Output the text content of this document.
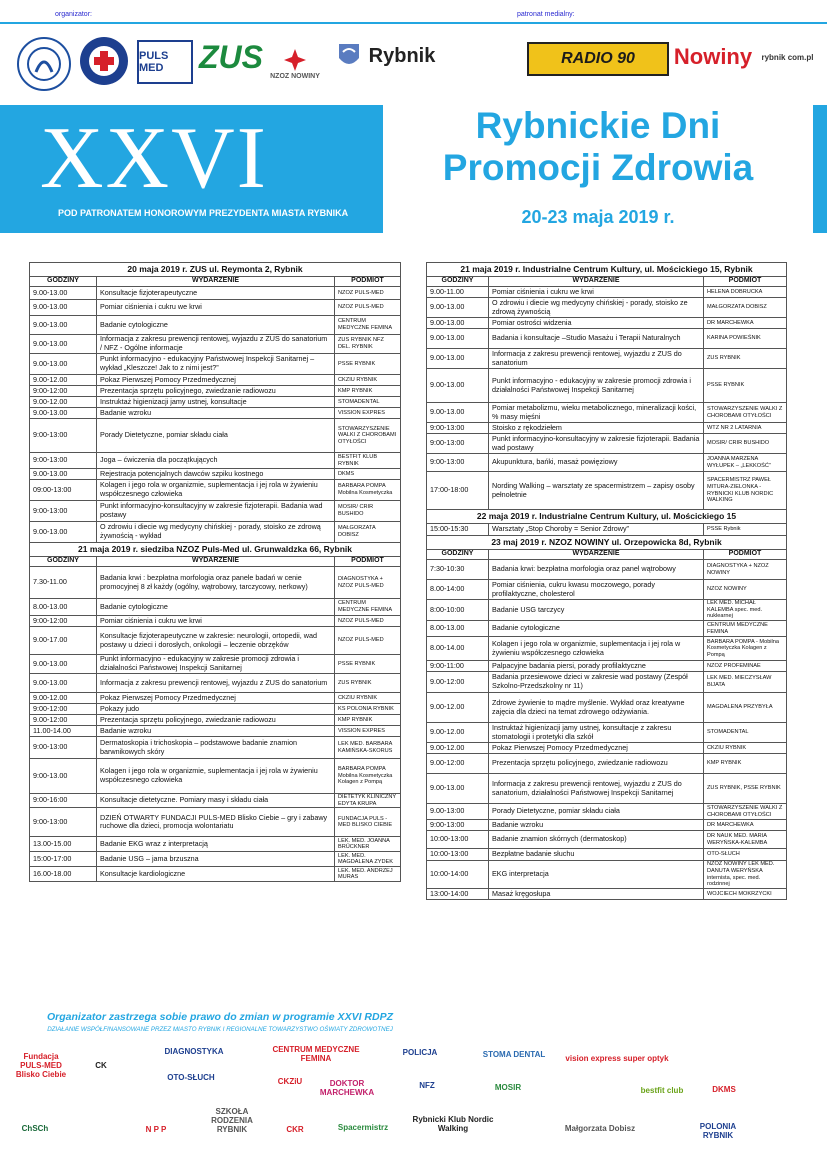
organizator:	patronat medialny:
PULS MED	ZUS
NZOZ NOWINY
Rybnik	RADIO 90	Nowiny rybnik com.pl
XXVI
POD PATRONATEM HONOROWYM PREZYDENTA MIASTA RYBNIKA
Rybnickie Dni
Promocji Zdrowia
20-23 maja 2019 r.
20 maja 2019 r. ZUS ul. Reymonta 2, Rybnik		
GODZINY	WYDARZENIE	PODMIOT
9.00-13.00	Konsultacje fizjoterapeutyczne	NZOZ PULS-MED
9.00-13.00	Pomiar ciśnienia i cukru we krwi	NZOZ PULS-MED
9.00-13.00	Badanie cytologiczne	CENTRUM MEDYCZNE FEMINA
9.00-13.00	Informacja z zakresu prewencji rentowej, wyjazdu z ZUS do sanatorium / NFZ - Ogólne informacje	ZUS RYBNIK NFZ DEL. RYBNIK
9.00-13.00	Punkt informacyjno - edukacyjny Państwowej Inspekcji Sanitarnej – wykład „Kleszcze! Jak to z nimi jest?”	PSSE RYBNIK
9.00-12.00	Pokaz Pierwszej Pomocy Przedmedycznej	CKZIU RYBNIK
9:00-12:00	Prezentacja sprzętu policyjnego, zwiedzanie radiowozu	KMP RYBNIK
9.00-12.00	Instruktaż higienizacji jamy ustnej, konsultacje	STOMADENTAL
9.00-13.00	Badanie wzroku	VISSION EXPRES
9:00-13:00	Porady Dietetyczne, pomiar składu ciała	STOWARZYSZENIE WALKI Z CHOROBAMI OTYŁOŚCI
9:00-13:00	Joga – ćwiczenia dla początkujących	BESTFIT KLUB RYBNIK
9.00-13.00	Rejestracja potencjalnych dawców szpiku kostnego	DKMS
09:00-13:00	Kolagen i jego rola w organizmie, suplementacja i jej rola w żywieniu współczesnego człowieka	BARBARA POMPA Mobilna Kosmetyczka
9:00-13:00	Punkt informacyjno-konsultacyjny w zakresie fizjoterapii. Badania wad postawy	MOSIR/ CRIR BUSHIDO
9.00-13.00	O zdrowiu i diecie wg medycyny chińskiej - porady, stoisko ze zdrową żywnością - wykład	MAŁGORZATA DOBISZ
21 maja 2019 r. siedziba NZOZ Puls-Med ul. Grunwaldzka 66, Rybnik		
GODZINY	WYDARZENIE	PODMIOT
7.30-11.00	Badania krwi : bezpłatna morfologia oraz panele badań w cenie promocyjnej 8 zł każdy (ogólny, wątrobowy, tarczycowy, nerkowy)	DIAGNOSTYKA + NZOZ PULS-MED
8.00-13.00	Badanie cytologiczne	CENTRUM MEDYCZNE FEMINA
9:00-12:00	Pomiar ciśnienia i cukru we krwi	NZOZ PULS-MED
9.00-17.00	Konsultacje fizjoterapeutyczne w zakresie: neurologii, ortopedii, wad postawy u dzieci i dorosłych, onkologii – leczenie obrzęków	NZOZ PULS-MED
9.00-13.00	Punkt informacyjno - edukacyjny w zakresie promocji zdrowia i działalności Państwowej Inspekcji Sanitarnej	PSSE RYBNIK
9.00-13.00	Informacja z zakresu prewencji rentowej, wyjazdu z ZUS do sanatorium	ZUS RYBNIK
9.00-12.00	Pokaz Pierwszej Pomocy Przedmedycznej	CKZIU RYBNIK
9:00-12:00	Pokazy judo	KS POLONIA RYBNIK
9.00-12:00	Prezentacja sprzętu policyjnego, zwiedzanie radiowozu	KMP RYBNIK
11.00-14.00	Badanie wzroku	VISSION EXPRES
9:00-13:00	Dermatoskopia i trichoskopia – podstawowe badanie znamion barwnikowych skóry	LEK MED. BARBARA KAMIŃSKA-SKORUS
9:00-13.00	Kolagen i jego rola w organizmie, suplementacja i jej rola w żywieniu współczesnego człowieka	BARBARA POMPA Mobilna Kosmetyczka Kolagen z Pompą
9:00-16:00	Konsultacje dietetyczne. Pomiary masy i składu ciała	DIETETYK KLINICZNY EDYTA KRUPA
9:00-13:00	DZIEŃ OTWARTY FUNDACJI PULS-MED Blisko Ciebie – gry i zabawy ruchowe dla dzieci, promocja wolontariatu	FUNDACJA PULS - MED BLISKO CIEBIE
13.00-15.00	Badanie EKG wraz z interpretacją	LEK. MED. JOANNA BRÜCKNER
15:00-17:00	Badanie USG – jama brzuszna	LEK. MED. MAGDALENA ZYDEK
16.00-18.00	Konsultacje kardiologiczne	LEK. MED. ANDRZEJ MURAS
21 maja 2019 r. Industrialne Centrum Kultury, ul. Mościckiego 15, Rybnik		
GODZINY	WYDARZENIE	PODMIOT
9.00-11.00	Pomiar ciśnienia i cukru we krwi	HELENA DOBRUCKA
9.00-13.00	O zdrowiu i diecie wg medycyny chińskiej - porady, stoisko ze zdrową żywnością	MAŁGORZATA DOBISZ
9.00-13.00	Pomiar ostrości widzenia	DR MARCHEWKA
9.00-13.00	Badania i konsultacje –Studio Masażu i Terapii Naturalnych	KARINA POWIEŚNIK
9.00-13.00	Informacja z zakresu prewencji rentowej, wyjazdu z ZUS do sanatorium	ZUS RYBNIK
9.00-13.00	Punkt informacyjno - edukacyjny w zakresie promocji zdrowia i działalności Państwowej Inspekcji Sanitarnej	PSSE RYBNIK
9.00-13.00	Pomiar metabolizmu, wieku metabolicznego, mineralizacji kości, % masy mięśni	STOWARZYSZENIE WALKI Z CHOROBAMI OTYŁOŚCI
9:00-13:00	Stoisko z rękodziełem	WTZ NR 2 LATARNIA
9:00-13:00	Punkt informacyjno-konsultacyjny w zakresie fizjoterapii. Badania wad postawy	MOSIR/ CRIR BUSHIDO
9:00-13:00	Akupunktura, bańki, masaż powięziowy	JOANNA MARZENA WYŁUPEK – „LEKKOŚĆ”
17:00-18:00	Nording Walking – warsztaty ze spacermistrzem – zapisy osoby pełnoletnie	SPACERMISTRZ PAWEŁ MITURA-ZIELONKA - RYBNICKI KLUB NORDIC WALKING
22 maja 2019 r. Industrialne Centrum Kultury, ul. Mościckiego 15		
15:00-15:30	Warsztaty „Stop Choroby = Senior Zdrowy”	PSSE Rybnik
23 maj 2019 r. NZOZ NOWINY ul. Orzepowicka 8d, Rybnik		
GODZINY	WYDARZENIE	PODMIOT
7:30-10:30	Badania krwi: bezpłatna morfologia oraz panel wątrobowy	DIAGNOSTYKA + NZOZ NOWINY
8.00-14:00	Pomiar ciśnienia, cukru kwasu moczowego, porady profilaktyczne, cholesterol	NZOZ NOWINY
8:00-10:00	Badanie USG tarczycy	LEK MED. MICHAŁ KALEMBA spec. med. nuklearnej
8.00-13.00	Badanie cytologiczne	CENTRUM MEDYCZNE FEMINA
8.00-14.00	Kolagen i jego rola w organizmie, suplementacja i jej rola w żywieniu współczesnego człowieka	BARBARA POMPA - Mobilna Kosmetyczka Kolagen z Pompą
9:00-11:00	Palpacyjne badania piersi, porady profilaktyczne	NZOZ PROFEMINAE
9.00-12:00	Badania przesiewowe dzieci w zakresie wad postawy (Zespół Szkolno-Przedszkolny nr 11)	LEK MED. MIECZYSŁAW BIJATA
9.00-12.00	Zdrowe żywienie to mądre myślenie. Wykład oraz kreatywne zajęcia dla dzieci na temat zdrowego odżywiania.	MAGDALENA PRZYBYŁA
9.00-12.00	Instruktaż higienizacji jamy ustnej, konsultacje z zakresu stomatologii i protetyki dla szkół	STOMADENTAL
9.00-12.00	Pokaz Pierwszej Pomocy Przedmedycznej	CKZIU RYBNIK
9.00-12:00	Prezentacja sprzętu policyjnego, zwiedzanie radiowozu	KMP RYBNIK
9.00-13.00	Informacja z zakresu prewencji rentowej, wyjazdu z ZUS do sanatorium, działalności Państwowej Inspekcji Sanitarnej	ZUS RYBNIK, PSSE RYBNIK
9.00-13:00	Porady Dietetyczne, pomiar składu ciała	STOWARZYSZENIE WALKI Z CHOROBAMI OTYŁOŚCI
9:00-13:00	Badanie wzroku	DR MARCHEWKA
10:00-13:00	Badanie znamion skórnych (dermatoskop)	DR NAUK MED. MARIA WERYŃSKA-KALEMBA
10:00-13:00	Bezpłatne badanie słuchu	OTO-SŁUCH
10:00-14:00	EKG interpretacja	NZOZ NOWINY LEK MED. DANUTA WERYŃSKA internista, spec. med. rodzinnej
13:00-14:00	Masaż kręgosłupa	WOJCIECH MOKRZYCKI
Organizator zastrzega sobie prawo do zmian w programie XXVI RDPZ
DZIAŁANIE WSPÓŁFINANSOWANE PRZEZ MIASTO RYBNIK I REGIONALNE TOWARZYSTWO OŚWIATY ZDROWOTNEJ
Fundacja PULS-MED Blisko Ciebie
CK
DIAGNOSTYKA
OTO-SŁUCH
CENTRUM MEDYCZNE FEMINA
CKZiU
POLICJA
DOKTOR MARCHEWKA
NFZ
STOMA DENTAL
MOSIR
vision express super optyk
bestfit club	DKMS
ChSCh	N P P
SZKOŁA RODZENIA RYBNIK	CKR	Spacermistrz
Rybnicki Klub Nordic Walking	Małgorzata Dobisz	POLONIA RYBNIK
